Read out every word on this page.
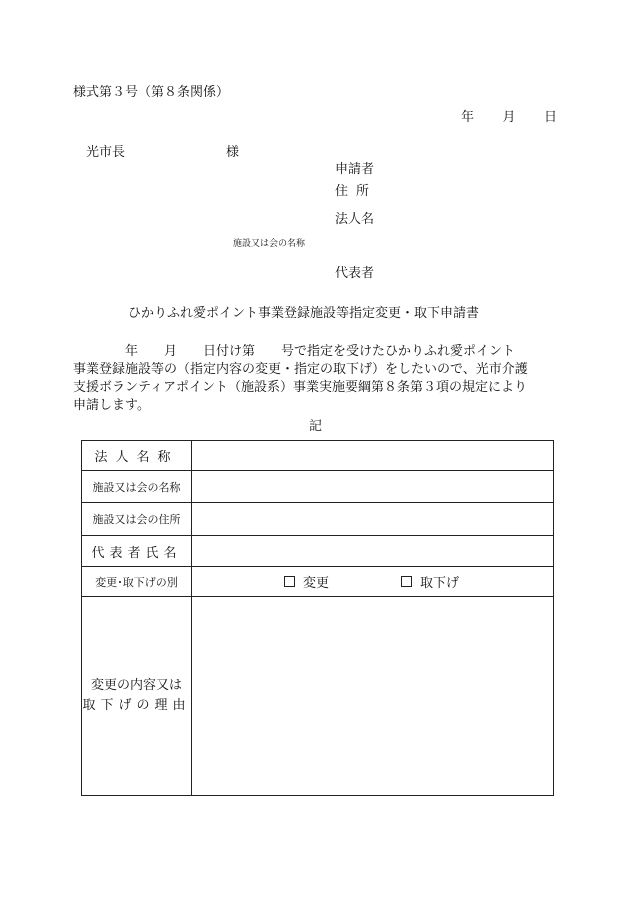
様式第３号（第８条関係）
年 月 日
光市長	様
申請者
住所
法人名
施設又は会の名称
代表者
ひかりふれ愛ポイント事業登録施設等指定変更・取下申請書
　　　　年　　月　　日付け第　　号で指定を受けたひかりふれ愛ポイント
事業登録施設等の（指定内容の変更・指定の取下げ）をしたいので、光市介護
支援ボランティアポイント（施設系）事業実施要綱第８条第３項の規定により
申請します。
記
法人名称
施設又は会の名称
施設又は会の住所
代表者氏名
変更･取下げの別	変更	取下げ
変更の内容又は
取下げの理由
